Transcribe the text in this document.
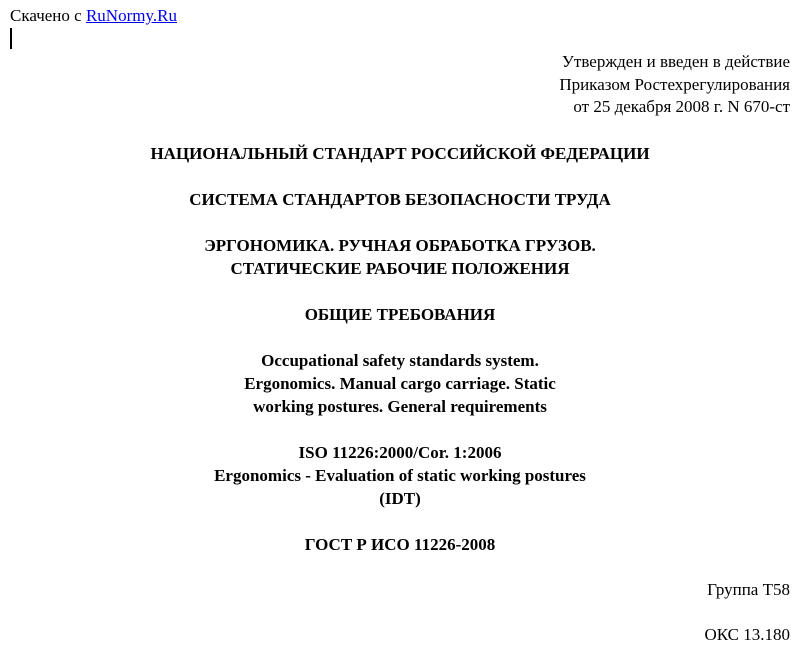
Скачено с RuNormy.Ru
Утвержден и введен в действие
Приказом Ростехрегулирования
от 25 декабря 2008 г. N 670-ст
НАЦИОНАЛЬНЫЙ СТАНДАРТ РОССИЙСКОЙ ФЕДЕРАЦИИ
СИСТЕМА СТАНДАРТОВ БЕЗОПАСНОСТИ ТРУДА
ЭРГОНОМИКА. РУЧНАЯ ОБРАБОТКА ГРУЗОВ.
СТАТИЧЕСКИЕ РАБОЧИЕ ПОЛОЖЕНИЯ
ОБЩИЕ ТРЕБОВАНИЯ
Occupational safety standards system.
Ergonomics. Manual cargo carriage. Static
working postures. General requirements
ISO 11226:2000/Cor. 1:2006
Ergonomics - Evaluation of static working postures
(IDT)
ГОСТ Р ИСО 11226-2008
Группа Т58
ОКС 13.180
